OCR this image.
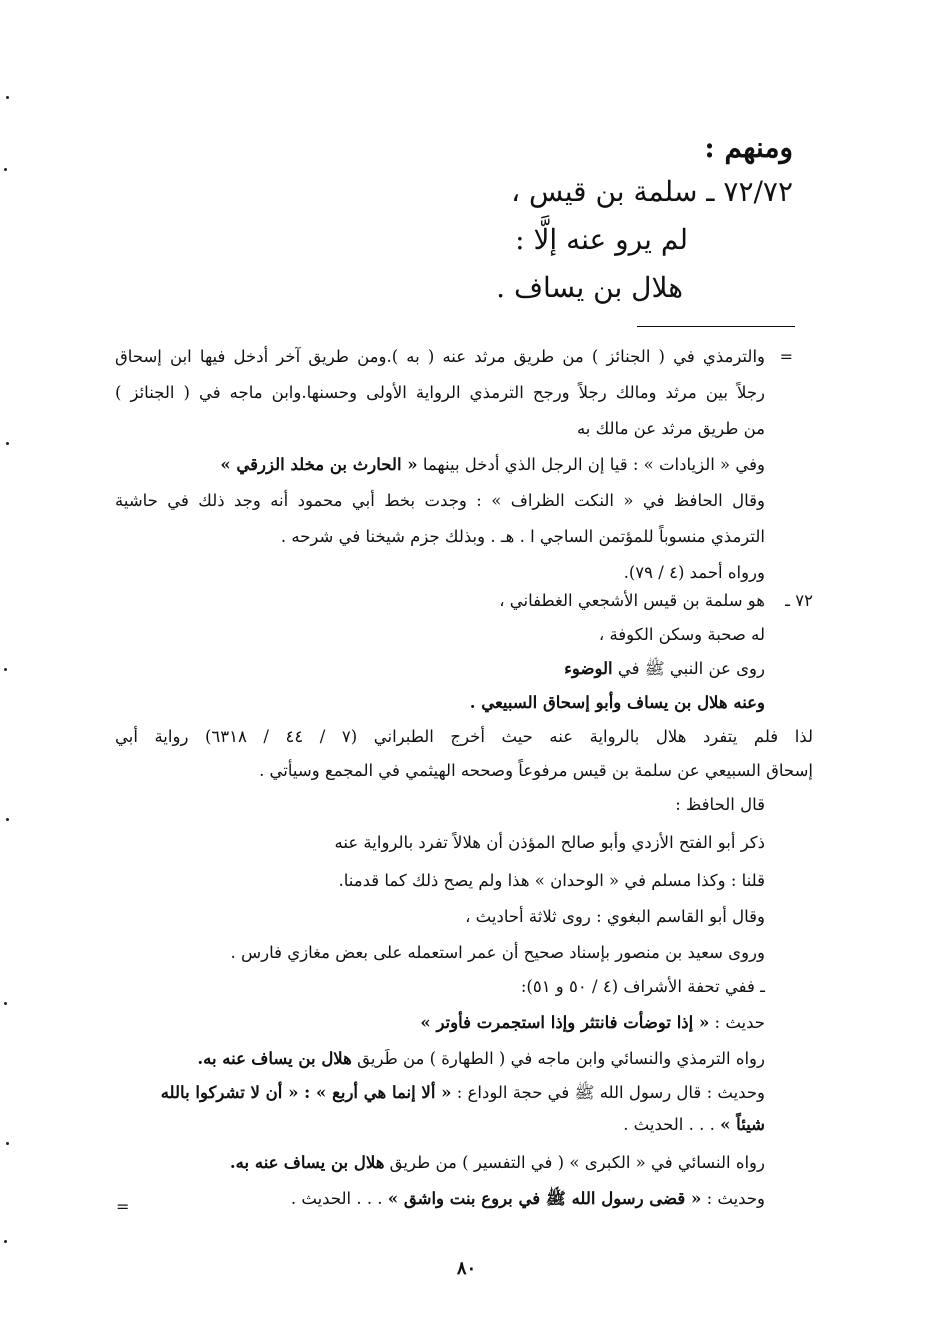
ومنهم :
٧٢/٧٢ ـ سلمة بن قيس ،
لم يرو عنه إلَّا :
هلال بن يساف .
=
والترمذي في ( الجنائز ) من طريق مرثد عنه ( به ).ومن طريق آخر أدخل فيها ابن إسحاق
رجلاً بين مرثد ومالك رجلاً ورجح الترمذي الرواية الأولى وحسنها.وابن ماجه في ( الجنائز )
من طريق مرثد عن مالك به
وفي « الزيادات » : قيا إن الرجل الذي أدخل بينهما « الحارث بن مخلد الزرقي »
وقال الحافظ في « النكت الظراف » : وجدت بخط أبي محمود أنه وجد ذلك في حاشية
الترمذي منسوباً للمؤتمن الساجي ا . هـ . وبذلك جزم شيخنا في شرحه .
ورواه أحمد (٤ / ٧٩).
٧٢ ـ
هو سلمة بن قيس الأشجعي الغطفاني ،
له صحبة وسكن الكوفة ،
روى عن النبي ﷺ في الوضوء
وعنه هلال بن يساف وأبو إسحاق السبيعي .
لذا فلم يتفرد هلال بالرواية عنه حيث أخرج الطبراني (٧ / ٤٤ / ٦٣١٨) رواية أبي
إسحاق السبيعي عن سلمة بن قيس مرفوعاً وصححه الهيثمي في المجمع وسيأتي .
قال الحافظ :
ذكر أبو الفتح الأزدي وأبو صالح المؤذن أن هلالاً تفرد بالرواية عنه
قلنا : وكذا مسلم في « الوحدان » هذا ولم يصح ذلك كما قدمنا.
وقال أبو القاسم البغوي : روى ثلاثة أحاديث ،
وروى سعيد بن منصور بإسناد صحيح أن عمر استعمله على بعض مغازي فارس .
ـ ففي تحفة الأشراف (٤ / ٥٠ و ٥١):
حديث : « إذا توضأت فانتثر وإذا استجمرت فأوتر »
رواه الترمذي والنسائي وابن ماجه في ( الطهارة ) من طَريق هلال بن يساف عنه به.
وحديث : قال رسول الله ﷺ في حجة الوداع : « ألا إنما هي أربع » : « أن لا تشركوا بالله
شيئاً » . . . الحديث .
رواه النسائي في « الكبرى » ( في التفسير ) من طريق هلال بن يساف عنه به.
وحديث : « قضى رسول الله ﷺ في بروع بنت واشق » . . . الحديث .
=
٨٠
